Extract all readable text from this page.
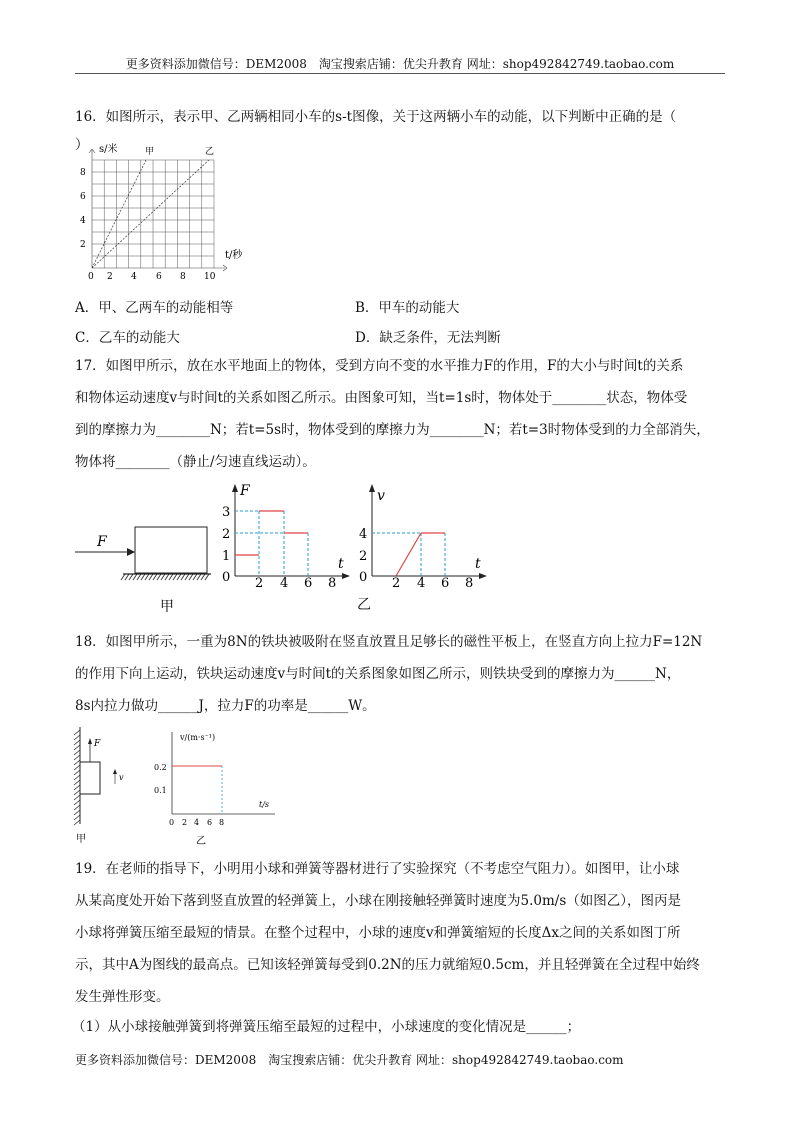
更多资料添加微信号：DEM2008　淘宝搜索店铺：优尖升教育 网址：shop492842749.taobao.com
16．如图所示，表示甲、乙两辆相同小车的s-t图像，关于这两辆小车的动能，以下判断中正确的是（
）	s/米	甲	乙
t/秒
0
2
4
6
8
2 4 6 8 10
A．甲、乙两车的动能相等	B．甲车的动能大
C．乙车的动能大	D．缺乏条件，无法判断
17．如图甲所示，放在水平地面上的物体，受到方向不变的水平推力F的作用，F的大小与时间t的关系
和物体运动速度v与时间t的关系如图乙所示。由图象可知，当t=1s时，物体处于________状态，物体受
到的摩擦力为________N；若t=5s时，物体受到的摩擦力为________N；若t=3时物体受到的力全部消失，
物体将________（静止/匀速直线运动）。
F
甲
F
t
0
1
2
3
2 4 6 8
v
t
0
2
4
2 4 6 8
乙
18．如图甲所示，一重为8N的铁块被吸附在竖直放置且足够长的磁性平板上，在竖直方向上拉力F=12N
的作用下向上运动，铁块运动速度v与时间t的关系图象如图乙所示，则铁块受到的摩擦力为______N，
8s内拉力做功______J，拉力F的功率是______W。
F
v
甲
v/(m·s⁻¹)
t/s
0.2
0.1
0 2 4 6 8
乙
19．在老师的指导下，小明用小球和弹簧等器材进行了实验探究（不考虑空气阻力）。如图甲，让小球
从某高度处开始下落到竖直放置的轻弹簧上，小球在刚接触轻弹簧时速度为5.0m/s（如图乙），图丙是
小球将弹簧压缩至最短的情景。在整个过程中，小球的速度v和弹簧缩短的长度Δx之间的关系如图丁所
示，其中A为图线的最高点。已知该轻弹簧每受到0.2N的压力就缩短0.5cm，并且轻弹簧在全过程中始终
发生弹性形变。
（1）从小球接触弹簧到将弹簧压缩至最短的过程中，小球速度的变化情况是______；
更多资料添加微信号：DEM2008　淘宝搜索店铺：优尖升教育 网址：shop492842749.taobao.com
